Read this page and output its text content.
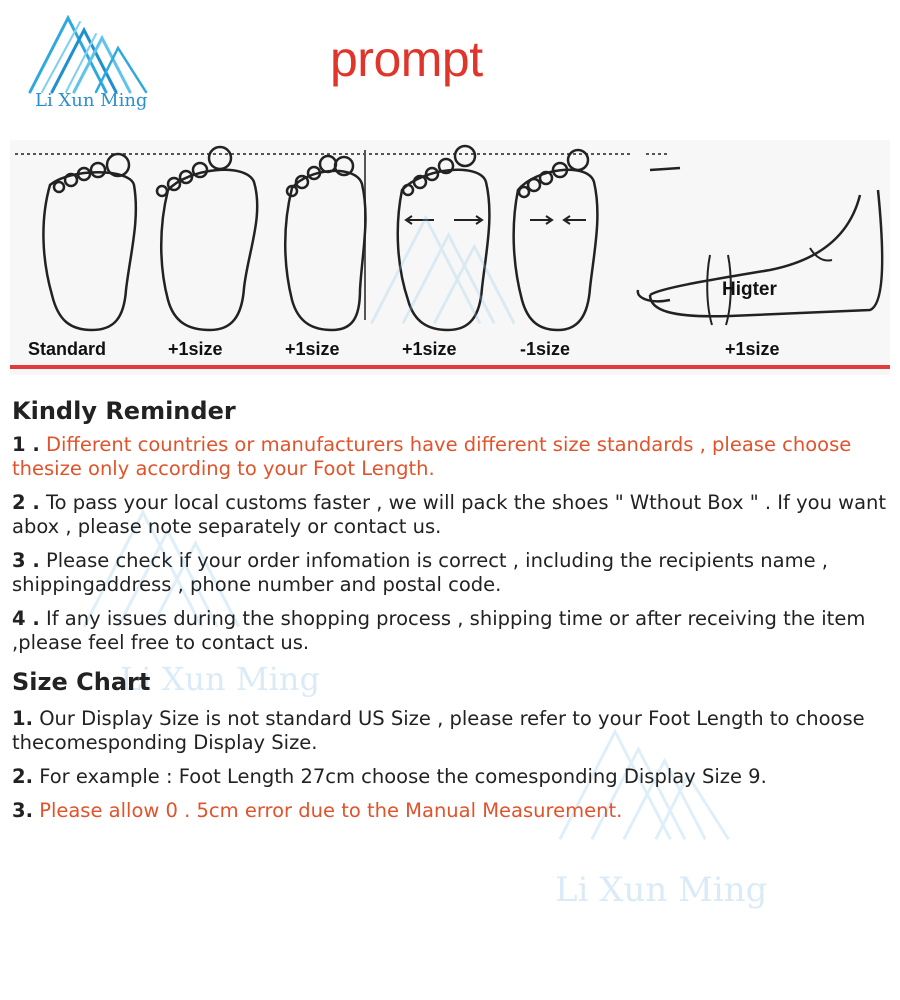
Li Xun Ming
prompt
Standard	+1size	+1size	+1size	-1size	+1size
Higter
Li Xun Ming
Li Xun Ming
Kindly Reminder
1 . Different countries or manufacturers have different size standards , please choose thesize only according to your Foot Length.
2 . To pass your local customs faster , we will pack the shoes " Wthout Box " . If you want abox , please note separately or contact us.
3 . Please check if your order infomation is correct , including the recipients name , shippingaddress , phone number and postal code.
4 . If any issues during the shopping process , shipping time or after receiving the item ,please feel free to contact us.
Size Chart
1. Our Display Size is not standard US Size , please refer to your Foot Length to choose thecomesponding Display Size.
2. For example : Foot Length 27cm choose the comesponding Display Size 9.
3. Please allow 0 . 5cm error due to the Manual Measurement.
